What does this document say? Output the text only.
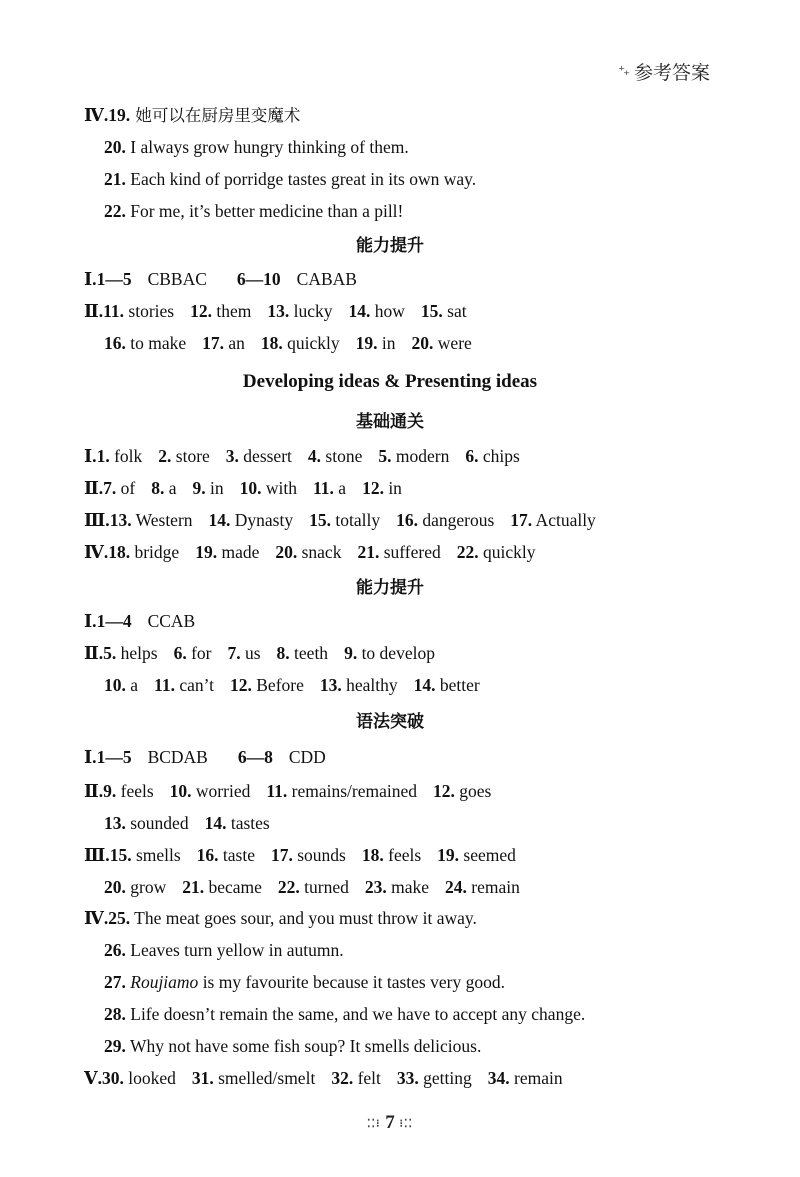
⁺₊ 参考答案
Ⅳ.19. 她可以在厨房里变魔术
20. I always grow hungry thinking of them.
21. Each kind of porridge tastes great in its own way.
22. For me, it’s better medicine than a pill!
能力提升
Ⅰ.1—5 CBBAC 6—10 CABAB
Ⅱ.11. stories 12. them 13. lucky 14. how 15. sat
16. to make 17. an 18. quickly 19. in 20. were
Developing ideas & Presenting ideas
基础通关
Ⅰ.1. folk 2. store 3. dessert 4. stone 5. modern 6. chips
Ⅱ.7. of 8. a 9. in 10. with 11. a 12. in
Ⅲ.13. Western 14. Dynasty 15. totally 16. dangerous 17. Actually
Ⅳ.18. bridge 19. made 20. snack 21. suffered 22. quickly
能力提升
Ⅰ.1—4 CCAB
Ⅱ.5. helps 6. for 7. us 8. teeth 9. to develop
10. a 11. can’t 12. Before 13. healthy 14. better
语法突破
Ⅰ.1—5 BCDAB 6—8 CDD
Ⅱ.9. feels 10. worried 11. remains/remained 12. goes
13. sounded 14. tastes
Ⅲ.15. smells 16. taste 17. sounds 18. feels 19. seemed
20. grow 21. became 22. turned 23. make 24. remain
Ⅳ.25. The meat goes sour, and you must throw it away.
26. Leaves turn yellow in autumn.
27. Roujiamo is my favourite because it tastes very good.
28. Life doesn’t remain the same, and we have to accept any change.
29. Why not have some fish soup? It smells delicious.
Ⅴ.30. looked 31. smelled/smelt 32. felt 33. getting 34. remain
⁚⁚⁝ 7 ⁝⁚⁚
